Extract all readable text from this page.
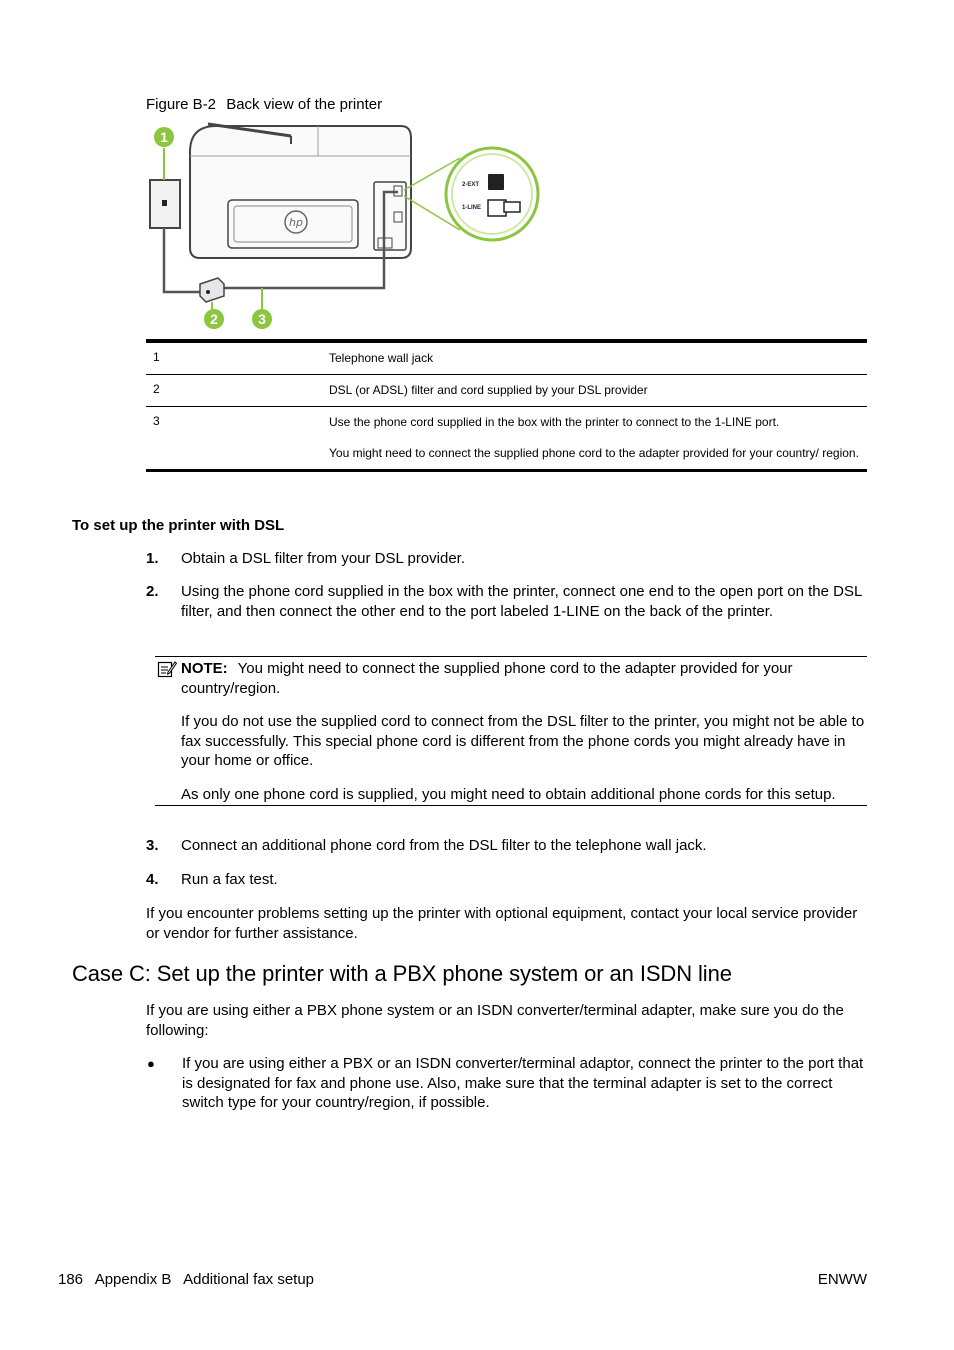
Figure B-2 Back view of the printer
hp
2-EXT
1-LINE
1
2	3
1	Telephone wall jack

2	DSL (or ADSL) filter and cord supplied by your DSL provider

3	Use the phone cord supplied in the box with the printer to connect to the 1-LINE port.

You might need to connect the supplied phone cord to the adapter provided for your country/ region.

To set up the printer with DSL
1.	Obtain a DSL filter from your DSL provider.
2.	Using the phone cord supplied in the box with the printer, connect one end to the open port on the DSL filter, and then connect the other end to the port labeled 1-LINE on the back of the printer.

NOTE: You might need to connect the supplied phone cord to the adapter provided for your country/region.

If you do not use the supplied cord to connect from the DSL filter to the printer, you might not be able to fax successfully. This special phone cord is different from the phone cords you might already have in your home or office.

As only one phone cord is supplied, you might need to obtain additional phone cords for this setup.

3.	Connect an additional phone cord from the DSL filter to the telephone wall jack.
4.	Run a fax test.
If you encounter problems setting up the printer with optional equipment, contact your local service provider or vendor for further assistance.
Case C: Set up the printer with a PBX phone system or an ISDN line
If you are using either a PBX phone system or an ISDN converter/terminal adapter, make sure you do the following:
●	If you are using either a PBX or an ISDN converter/terminal adaptor, connect the printer to the port that is designated for fax and phone use. Also, make sure that the terminal adapter is set to the correct switch type for your country/region, if possible.
186   Appendix B   Additional fax setup	ENWW
